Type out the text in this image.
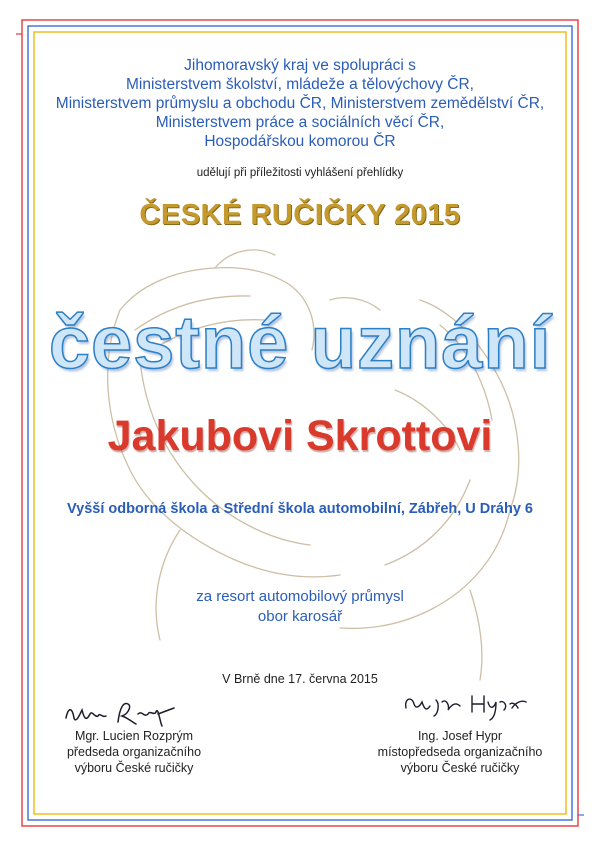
Jihomoravský kraj ve spolupráci s
Ministerstvem školství, mládeže a tělovýchovy ČR,
Ministerstvem průmyslu a obchodu ČR, Ministerstvem zemědělství ČR,
Ministerstvem práce a sociálních věcí ČR,
Hospodářskou komorou ČR
udělují při příležitosti vyhlášení přehlídky
ČESKÉ RUČIČKY 2015
čestné uznání
Jakubovi Skrottovi
Vyšší odborná škola a Střední škola automobilní, Zábřeh, U Dráhy 6
za resort automobilový průmysl
obor karosář
V Brně dne 17. června 2015
Mgr. Lucien Rozprým
předseda organizačního
výboru České ručičky
Ing. Josef Hypr
místopředseda organizačního
výboru České ručičky
